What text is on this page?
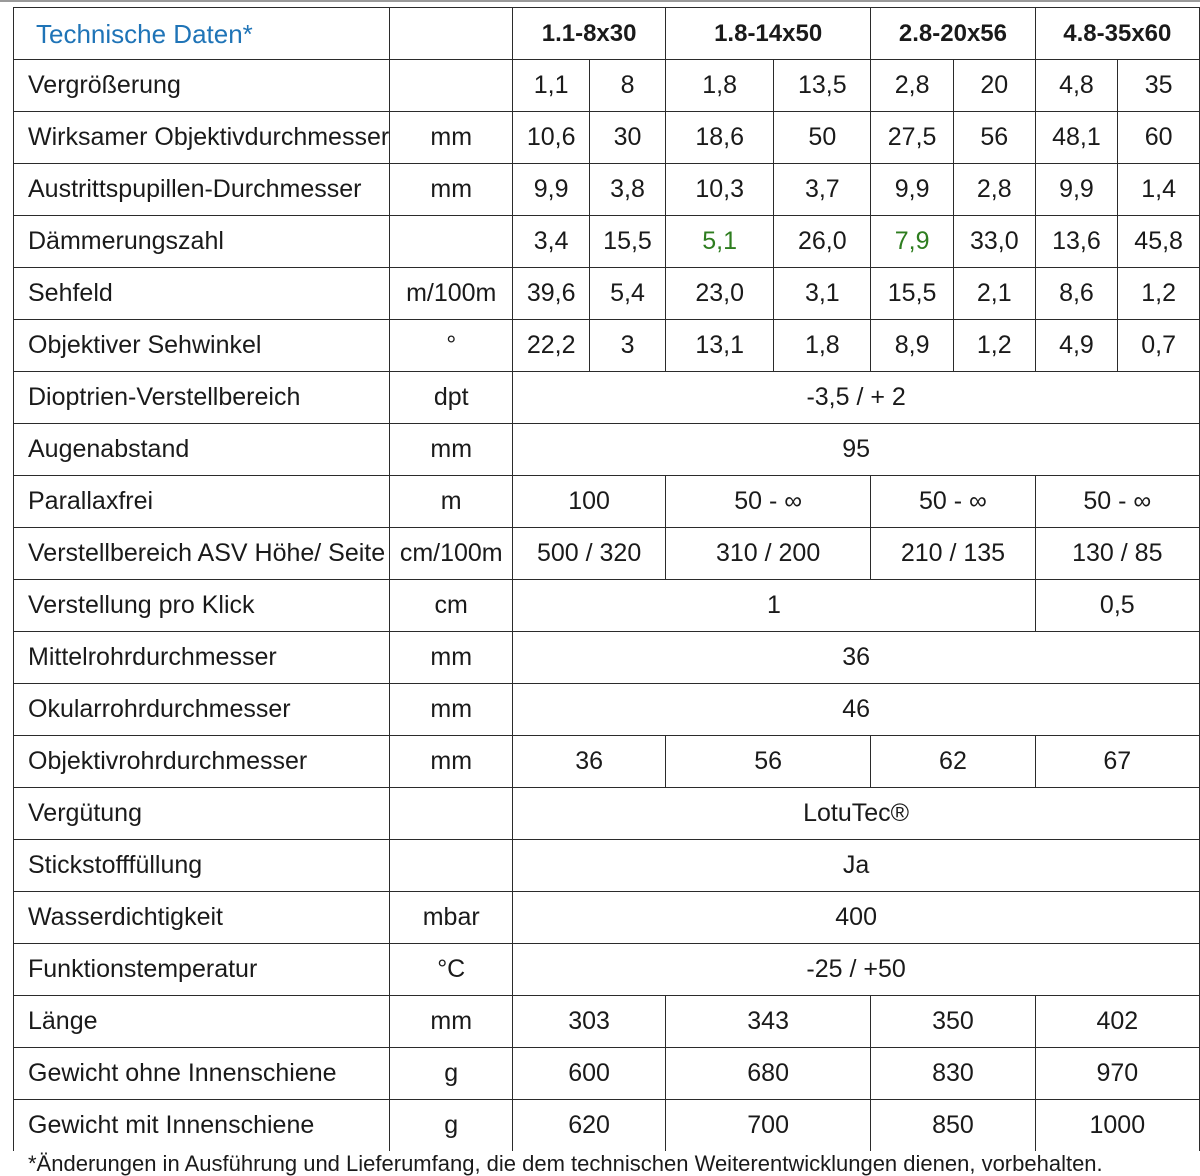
Technische Daten*		1.1-8x30		1.8-14x50		2.8-20x56		4.8-35x60	
Vergrößerung		1,1	8	1,8	13,5	2,8	20	4,8	35
Wirksamer Objektivdurchmesser	mm	10,6	30	18,6	50	27,5	56	48,1	60
Austrittspupillen-Durchmesser	mm	9,9	3,8	10,3	3,7	9,9	2,8	9,9	1,4
Dämmerungszahl		3,4	15,5	5,1	26,0	7,9	33,0	13,6	45,8
Sehfeld	m/100m	39,6	5,4	23,0	3,1	15,5	2,1	8,6	1,2
Objektiver Sehwinkel	°	22,2	3	13,1	1,8	8,9	1,2	4,9	0,7
Dioptrien-Verstellbereich	dpt	-3,5 / + 2							
Augenabstand	mm	95							
Parallaxfrei	m	100		50 - ∞		50 - ∞		50 - ∞	
Verstellbereich ASV Höhe/ Seite	cm/100m	500 / 320		310 / 200		210 / 135		130 / 85	
Verstellung pro Klick	cm	1						0,5	
Mittelrohrdurchmesser	mm	36							
Okularrohrdurchmesser	mm	46							
Objektivrohrdurchmesser	mm	36		56		62		67	
Vergütung		LotuTec®							
Stickstofffüllung		Ja							
Wasserdichtigkeit	mbar	400							
Funktionstemperatur	°C	-25 / +50							
Länge	mm	303		343		350		402	
Gewicht ohne Innenschiene	g	600		680		830		970	
Gewicht mit Innenschiene	g	620		700		850		1000	
*Änderungen in Ausführung und Lieferumfang, die dem technischen Weiterentwicklungen dienen, vorbehalten.
